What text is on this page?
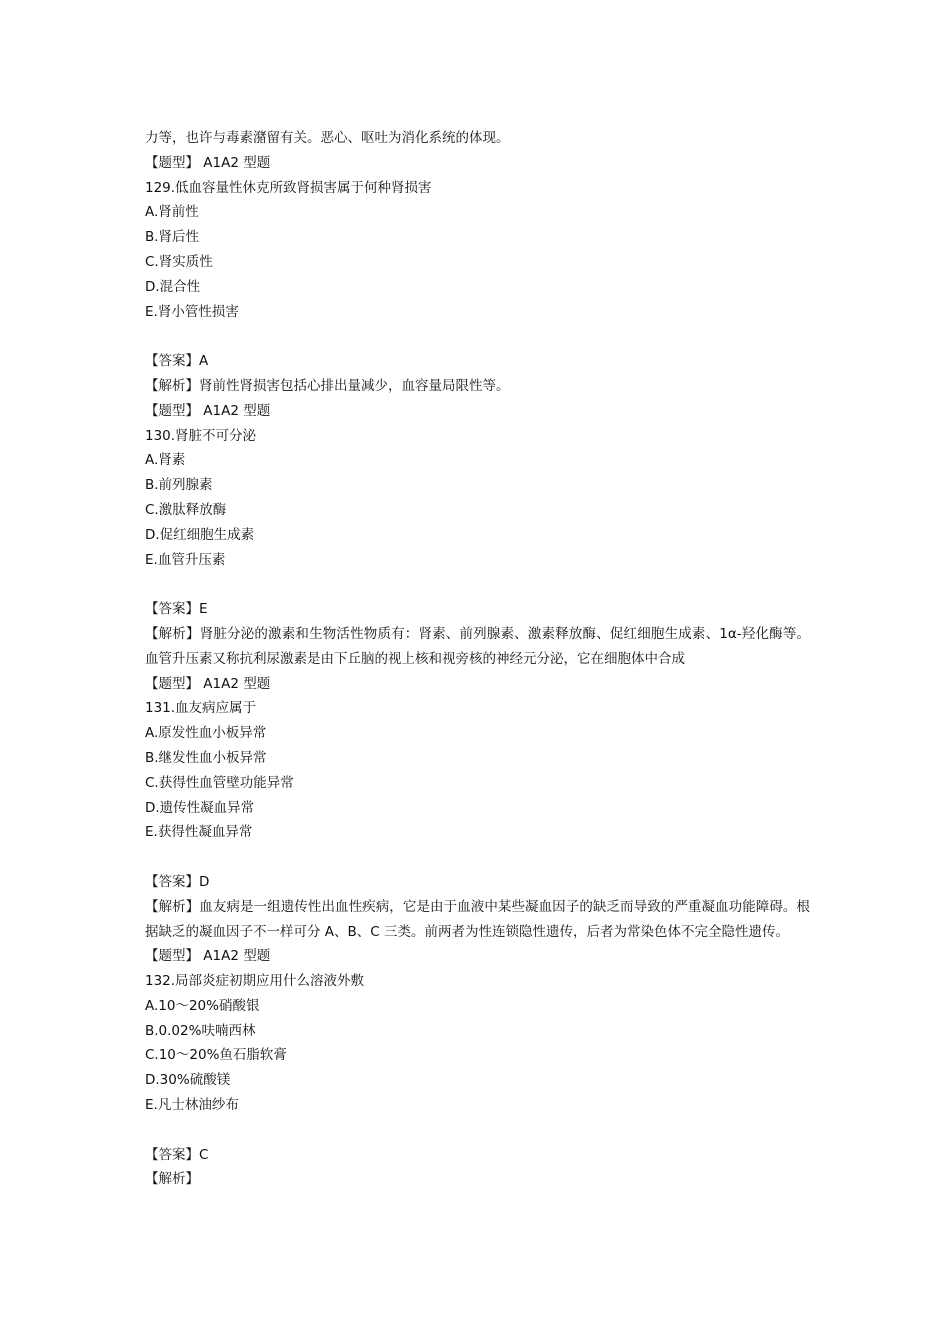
力等，也许与毒素潴留有关。恶心、呕吐为消化系统的体现。
【题型】 A1A2 型题
129.低血容量性休克所致肾损害属于何种肾损害
A.肾前性
B.肾后性
C.肾实质性
D.混合性
E.肾小管性损害
【答案】A
【解析】肾前性肾损害包括心排出量减少，血容量局限性等。
【题型】 A1A2 型题
130.肾脏不可分泌
A.肾素
B.前列腺素
C.激肽释放酶
D.促红细胞生成素
E.血管升压素
【答案】E
【解析】肾脏分泌的激素和生物活性物质有：肾素、前列腺素、激素释放酶、促红细胞生成素、1α-羟化酶等。血管升压素又称抗利尿激素是由下丘脑的视上核和视旁核的神经元分泌，它在细胞体中合成
【题型】 A1A2 型题
131.血友病应属于
A.原发性血小板异常
B.继发性血小板异常
C.获得性血管壁功能异常
D.遗传性凝血异常
E.获得性凝血异常
【答案】D
【解析】血友病是一组遗传性出血性疾病，它是由于血液中某些凝血因子的缺乏而导致的严重凝血功能障碍。根据缺乏的凝血因子不一样可分 A、B、C 三类。前两者为性连锁隐性遗传，后者为常染色体不完全隐性遗传。
【题型】 A1A2 型题
132.局部炎症初期应用什么溶液外敷
A.10～20%硝酸银
B.0.02%呋喃西林
C.10～20%鱼石脂软膏
D.30%硫酸镁
E.凡士林油纱布
【答案】C
【解析】
